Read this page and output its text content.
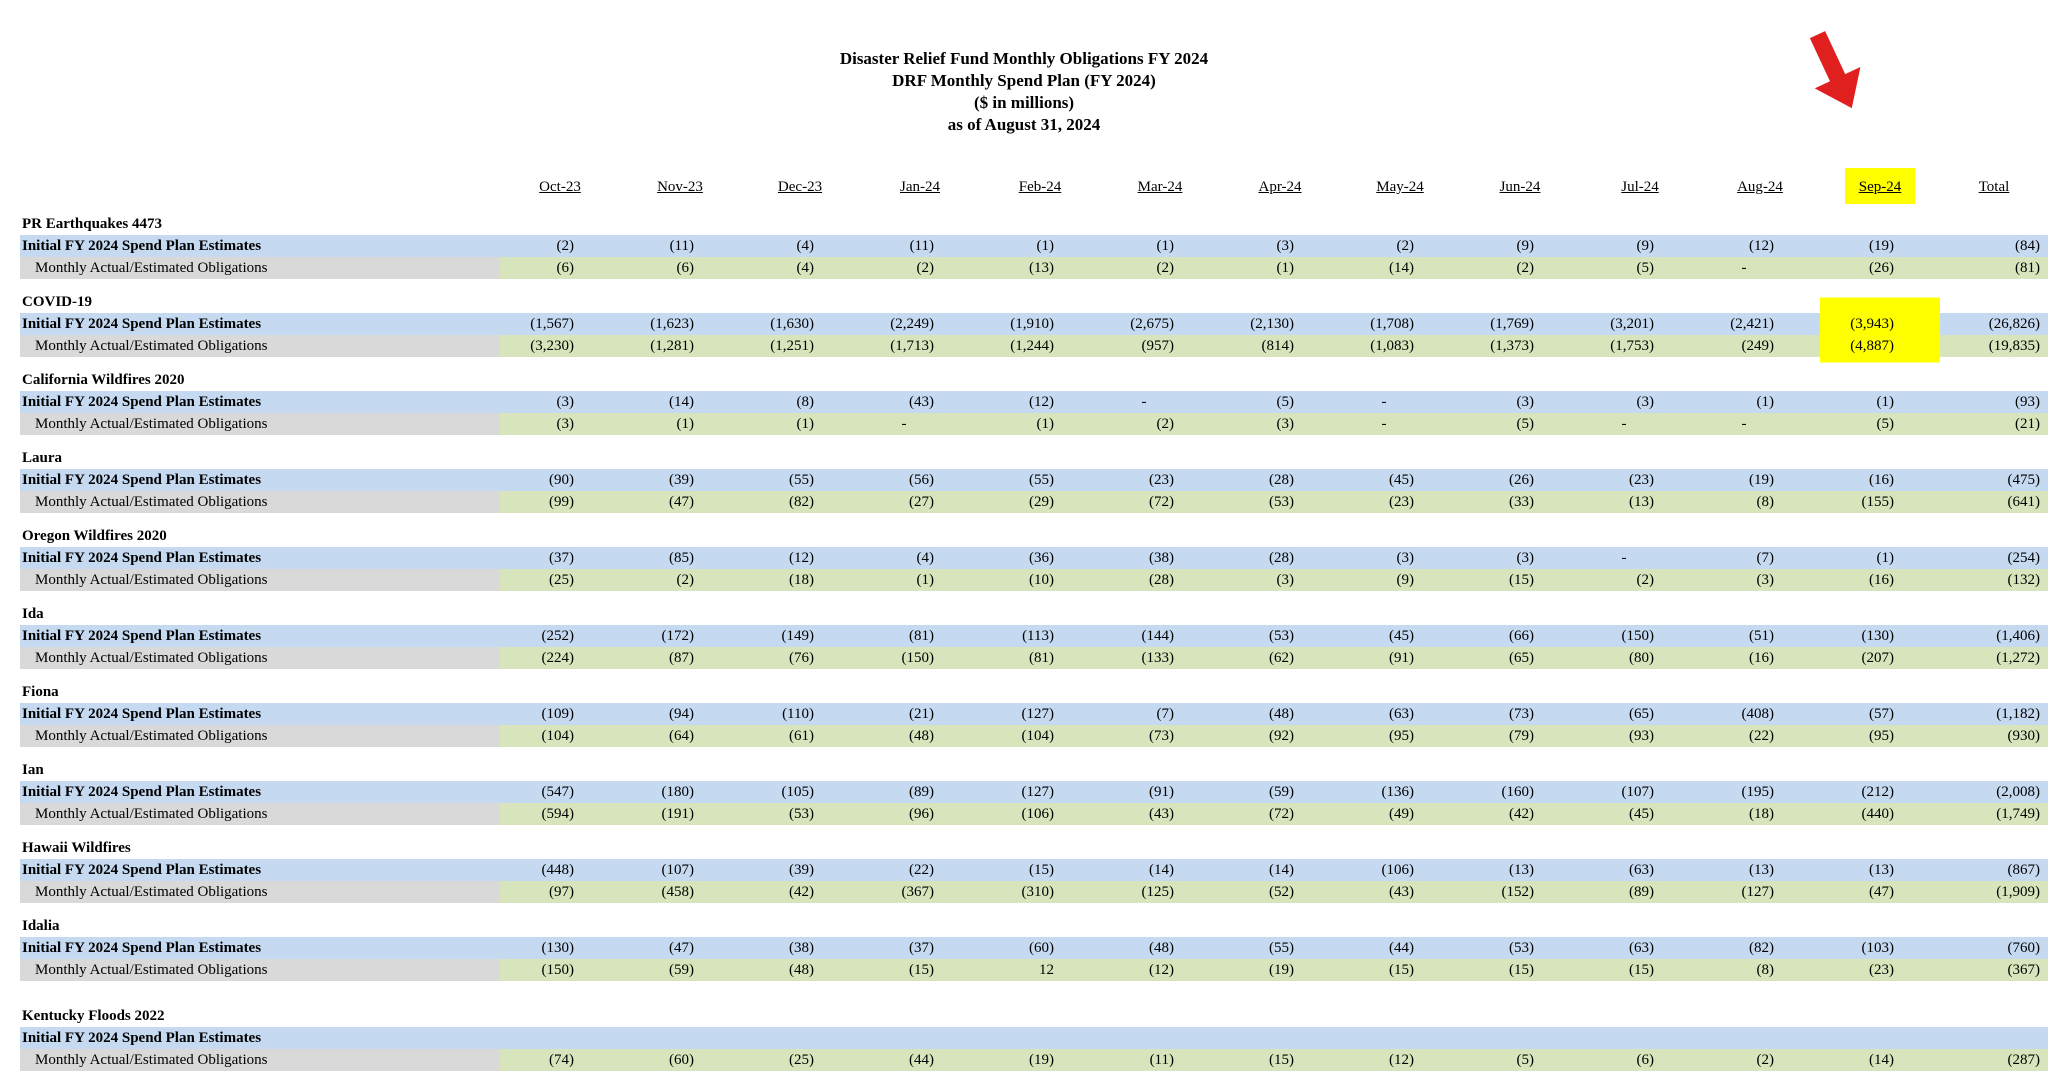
Disaster Relief Fund Monthly Obligations FY 2024
DRF Monthly Spend Plan (FY 2024)
($ in millions)
as of August 31, 2024
	Oct-23	Nov-23	Dec-23	Jan-24	Feb-24	Mar-24	Apr-24	May-24	Jun-24	Jul-24	Aug-24	Sep-24	Total

PR Earthquakes 4473													
Initial FY 2024 Spend Plan Estimates	(2)	(11)	(4)	(11)	(1)	(1)	(3)	(2)	(9)	(9)	(12)	(19)	(84)
Monthly Actual/Estimated Obligations	(6)	(6)	(4)	(2)	(13)	(2)	(1)	(14)	(2)	(5)	-	(26)	(81)

COVID-19													
Initial FY 2024 Spend Plan Estimates	(1,567)	(1,623)	(1,630)	(2,249)	(1,910)	(2,675)	(2,130)	(1,708)	(1,769)	(3,201)	(2,421)	(3,943)	(26,826)
Monthly Actual/Estimated Obligations	(3,230)	(1,281)	(1,251)	(1,713)	(1,244)	(957)	(814)	(1,083)	(1,373)	(1,753)	(249)	(4,887)	(19,835)

California Wildfires 2020													
Initial FY 2024 Spend Plan Estimates	(3)	(14)	(8)	(43)	(12)	-	(5)	-	(3)	(3)	(1)	(1)	(93)
Monthly Actual/Estimated Obligations	(3)	(1)	(1)	-	(1)	(2)	(3)	-	(5)	-	-	(5)	(21)

Laura													
Initial FY 2024 Spend Plan Estimates	(90)	(39)	(55)	(56)	(55)	(23)	(28)	(45)	(26)	(23)	(19)	(16)	(475)
Monthly Actual/Estimated Obligations	(99)	(47)	(82)	(27)	(29)	(72)	(53)	(23)	(33)	(13)	(8)	(155)	(641)

Oregon Wildfires 2020													
Initial FY 2024 Spend Plan Estimates	(37)	(85)	(12)	(4)	(36)	(38)	(28)	(3)	(3)	-	(7)	(1)	(254)
Monthly Actual/Estimated Obligations	(25)	(2)	(18)	(1)	(10)	(28)	(3)	(9)	(15)	(2)	(3)	(16)	(132)

Ida													
Initial FY 2024 Spend Plan Estimates	(252)	(172)	(149)	(81)	(113)	(144)	(53)	(45)	(66)	(150)	(51)	(130)	(1,406)
Monthly Actual/Estimated Obligations	(224)	(87)	(76)	(150)	(81)	(133)	(62)	(91)	(65)	(80)	(16)	(207)	(1,272)

Fiona													
Initial FY 2024 Spend Plan Estimates	(109)	(94)	(110)	(21)	(127)	(7)	(48)	(63)	(73)	(65)	(408)	(57)	(1,182)
Monthly Actual/Estimated Obligations	(104)	(64)	(61)	(48)	(104)	(73)	(92)	(95)	(79)	(93)	(22)	(95)	(930)

Ian													
Initial FY 2024 Spend Plan Estimates	(547)	(180)	(105)	(89)	(127)	(91)	(59)	(136)	(160)	(107)	(195)	(212)	(2,008)
Monthly Actual/Estimated Obligations	(594)	(191)	(53)	(96)	(106)	(43)	(72)	(49)	(42)	(45)	(18)	(440)	(1,749)

Hawaii Wildfires													
Initial FY 2024 Spend Plan Estimates	(448)	(107)	(39)	(22)	(15)	(14)	(14)	(106)	(13)	(63)	(13)	(13)	(867)
Monthly Actual/Estimated Obligations	(97)	(458)	(42)	(367)	(310)	(125)	(52)	(43)	(152)	(89)	(127)	(47)	(1,909)

Idalia													
Initial FY 2024 Spend Plan Estimates	(130)	(47)	(38)	(37)	(60)	(48)	(55)	(44)	(53)	(63)	(82)	(103)	(760)
Monthly Actual/Estimated Obligations	(150)	(59)	(48)	(15)	12	(12)	(19)	(15)	(15)	(15)	(8)	(23)	(367)

Kentucky Floods 2022													
Initial FY 2024 Spend Plan Estimates													
Monthly Actual/Estimated Obligations	(74)	(60)	(25)	(44)	(19)	(11)	(15)	(12)	(5)	(6)	(2)	(14)	(287)
